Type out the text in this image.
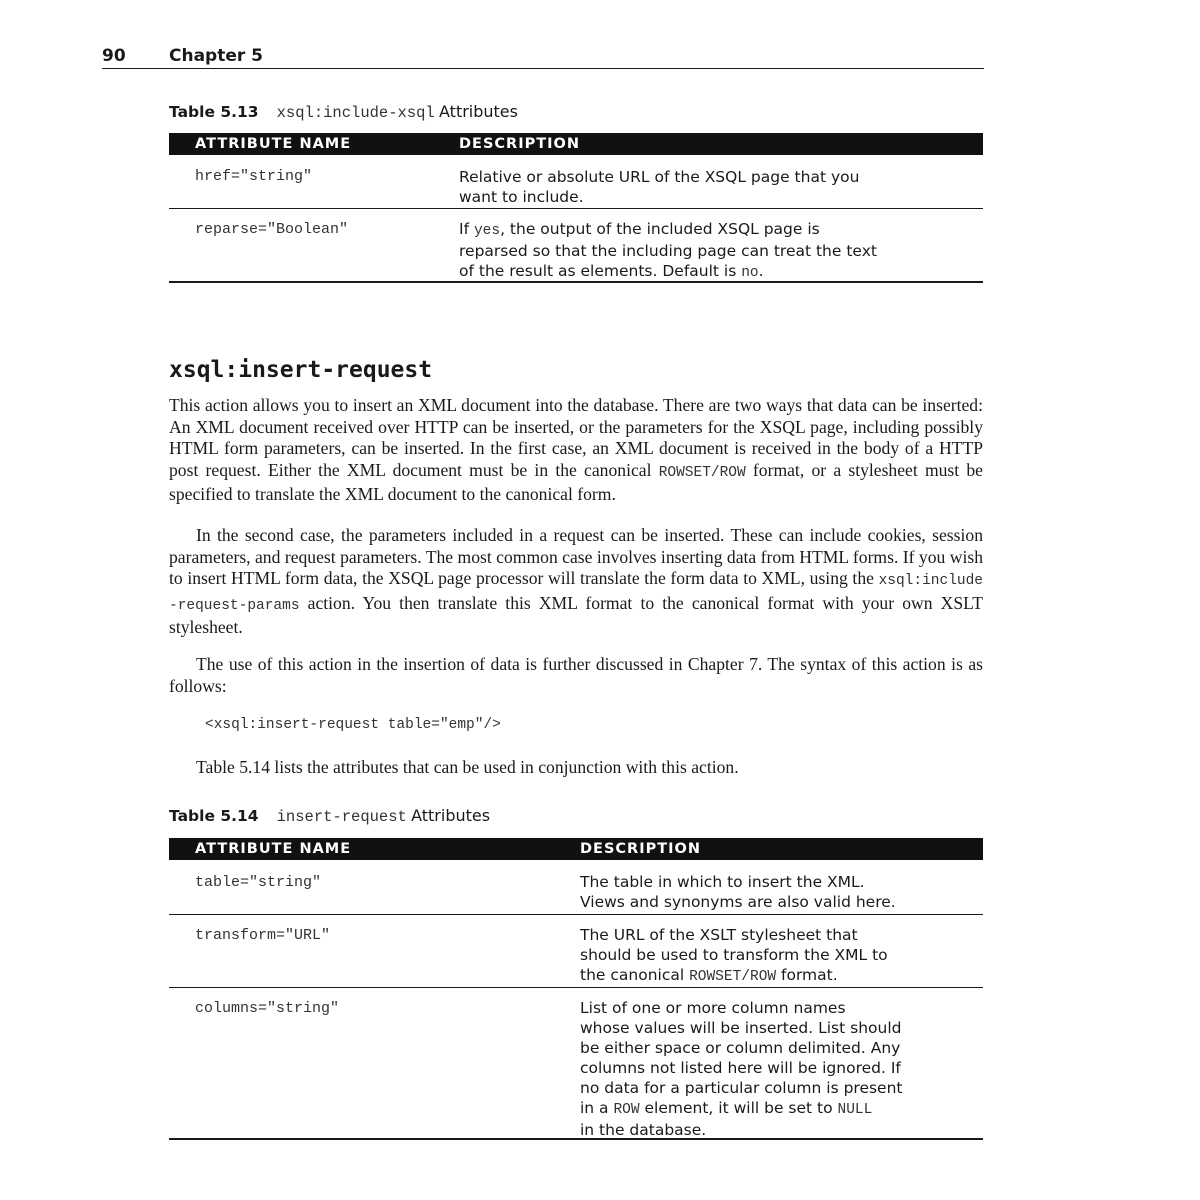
90	Chapter 5
Table 5.13 xsql:include-xsql Attributes
ATTRIBUTE NAME	DESCRIPTION
href="string"	Relative or absolute URL of the XSQL page that you
want to include.
reparse="Boolean"	If yes, the output of the included XSQL page is
reparsed so that the including page can treat the text
of the result as elements. Default is no.
xsql:insert-request
This action allows you to insert an XML document into the database. There are two ways that data can be inserted: An XML document received over HTTP can be inserted, or the parameters for the XSQL page, including possibly HTML form parameters, can be inserted. In the first case, an XML document is received in the body of a HTTP post request. Either the XML document must be in the canonical ROWSET/ROW format, or a stylesheet must be specified to translate the XML document to the canonical form.
In the second case, the parameters included in a request can be inserted. These can include cookies, session parameters, and request parameters. The most common case involves inserting data from HTML forms. If you wish to insert HTML form data, the XSQL page processor will translate the form data to XML, using the xsql:include -request-params action. You then translate this XML format to the canonical format with your own XSLT stylesheet.
The use of this action in the insertion of data is further discussed in Chapter 7. The syntax of this action is as follows:
<xsql:insert-request table="emp"/>
Table 5.14 lists the attributes that can be used in conjunction with this action.
Table 5.14 insert-request Attributes
ATTRIBUTE NAME	DESCRIPTION
table="string"	The table in which to insert the XML.
Views and synonyms are also valid here.
transform="URL"	The URL of the XSLT stylesheet that
should be used to transform the XML to
the canonical ROWSET/ROW format.
columns="string"	List of one or more column names
whose values will be inserted. List should
be either space or column delimited. Any
columns not listed here will be ignored. If
no data for a particular column is present
in a ROW element, it will be set to NULL
in the database.
